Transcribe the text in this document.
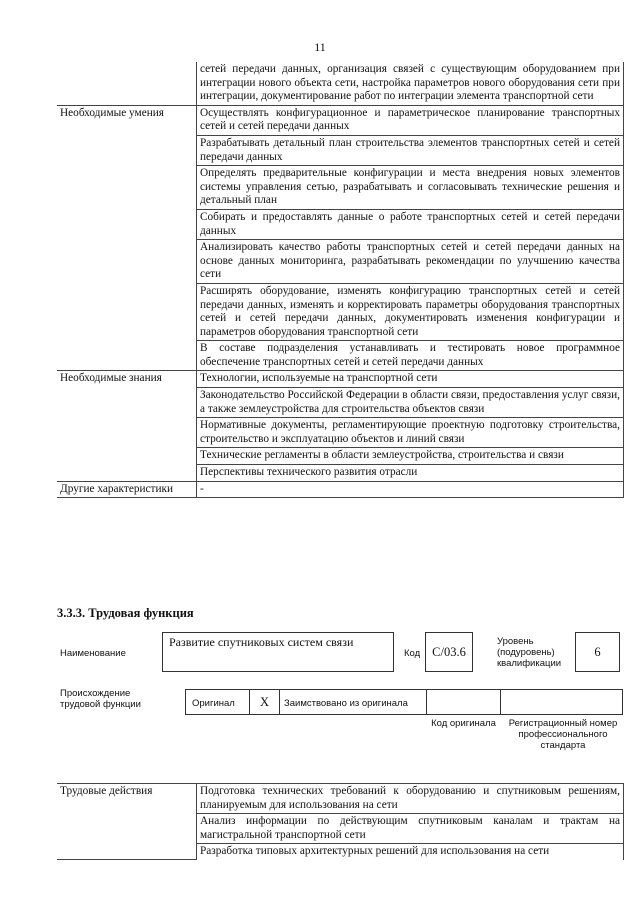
11
	сетей передачи данных, организация связей с существующим оборудованием при интеграции нового объекта сети, настройка параметров нового оборудования сети при интеграции, документирование работ по интеграции элемента транспортной сети
Необходимые умения	Осуществлять конфигурационное и параметрическое планирование транспортных сетей и сетей передачи данных
	Разрабатывать детальный план строительства элементов транспортных сетей и сетей передачи данных
	Определять предварительные конфигурации и места внедрения новых элементов системы управления сетью, разрабатывать и согласовывать технические решения и детальный план
	Собирать и предоставлять данные о работе транспортных сетей и сетей передачи данных
	Анализировать качество работы транспортных сетей и сетей передачи данных на основе данных мониторинга, разрабатывать рекомендации по улучшению качества сети
	Расширять оборудование, изменять конфигурацию транспортных сетей и сетей передачи данных, изменять и корректировать параметры оборудования транспортных сетей и сетей передачи данных, документировать изменения конфигурации и параметров оборудования транспортной сети
	В составе подразделения устанавливать и тестировать новое программное обеспечение транспортных сетей и сетей передачи данных
Необходимые знания	Технологии, используемые на транспортной сети
	Законодательство Российской Федерации в области связи, предоставления услуг связи, а также землеустройства для строительства объектов связи
	Нормативные документы, регламентирующие проектную подготовку строительства, строительство и эксплуатацию объектов и линий связи
	Технические регламенты в области землеустройства, строительства и связи
	Перспективы технического развития отрасли
Другие характеристики	-
3.3.3. Трудовая функция
Наименование
Развитие спутниковых систем связи
Код C/03.6
Уровень (подуровень) квалификации
6
Происхождение трудовой функции	Оригинал	X	Заимствовано из оригинала
Код оригинала	Регистрационный номер профессионального стандарта
Трудовые действия	Подготовка технических требований к оборудованию и спутниковым решениям, планируемым для использования на сети
Анализ информации по действующим спутниковым каналам и трактам на магистральной транспортной сети
Разработка типовых архитектурных решений для использования на сети
